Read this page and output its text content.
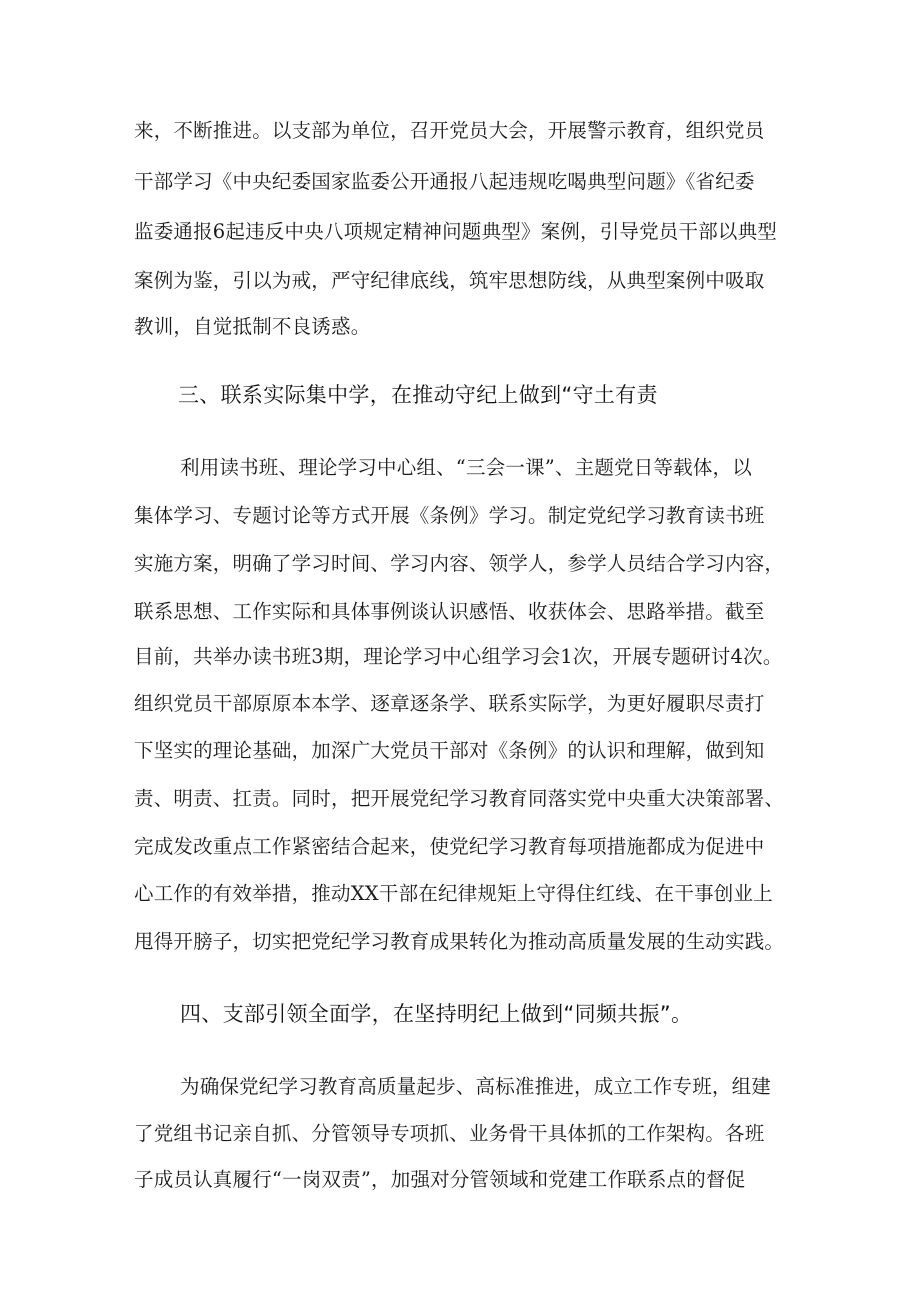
来，不断推进。以支部为单位，召开党员大会，开展警示教育，组织党员
干部学习《中央纪委国家监委公开通报八起违规吃喝典型问题》《省纪委
监委通报6起违反中央八项规定精神问题典型》案例，引导党员干部以典型
案例为鉴，引以为戒，严守纪律底线，筑牢思想防线，从典型案例中吸取
教训，自觉抵制不良诱惑。
三、联系实际集中学，在推动守纪上做到“守土有责
利用读书班、理论学习中心组、“三会一课”、主题党日等载体，以
集体学习、专题讨论等方式开展《条例》学习。制定党纪学习教育读书班
实施方案，明确了学习时间、学习内容、领学人，参学人员结合学习内容，
联系思想、工作实际和具体事例谈认识感悟、收获体会、思路举措。截至
目前，共举办读书班3期，理论学习中心组学习会1次，开展专题研讨4次。
组织党员干部原原本本学、逐章逐条学、联系实际学，为更好履职尽责打
下坚实的理论基础，加深广大党员干部对《条例》的认识和理解，做到知
责、明责、扛责。同时，把开展党纪学习教育同落实党中央重大决策部署、
完成发改重点工作紧密结合起来，使党纪学习教育每项措施都成为促进中
心工作的有效举措，推动XX干部在纪律规矩上守得住红线、在干事创业上
甩得开膀子，切实把党纪学习教育成果转化为推动高质量发展的生动实践。
四、支部引领全面学，在坚持明纪上做到“同频共振”。
为确保党纪学习教育高质量起步、高标准推进，成立工作专班，组建
了党组书记亲自抓、分管领导专项抓、业务骨干具体抓的工作架构。各班
子成员认真履行“一岗双责”，加强对分管领域和党建工作联系点的督促
